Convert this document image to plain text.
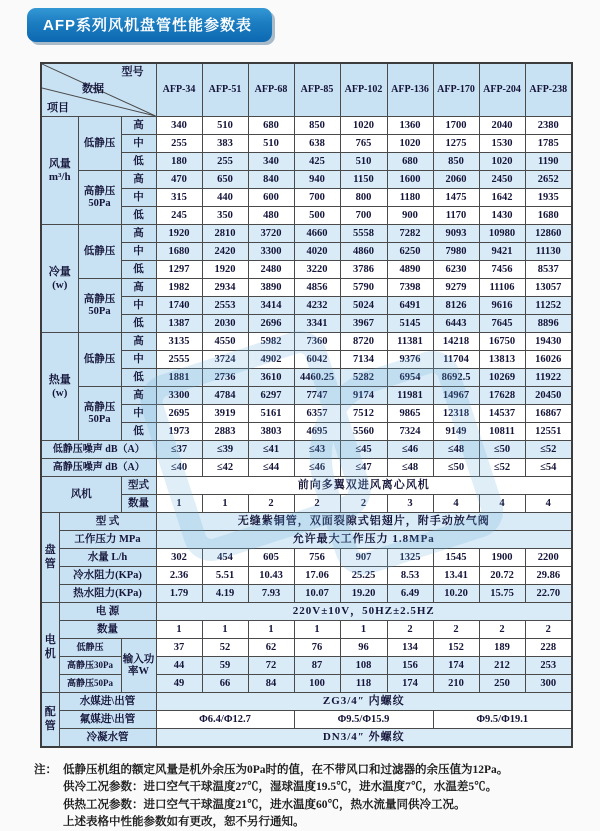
AFP系列风机盘管性能参数表
型号
数据
项目				AFP-34	AFP-51	AFP-68	AFP-85	AFP-102	AFP-136	AFP-170	AFP-204	AFP-238

风量
m³/h		低静压	高	340	510	680	850	1020	1360	1700	2040	2380
			中	255	383	510	638	765	1020	1275	1530	1785
			低	180	255	340	425	510	680	850	1020	1190

		高静压
50Pa	高	470	650	840	940	1150	1600	2060	2450	2652
			中	315	440	600	700	800	1180	1475	1642	1935
			低	245	350	480	500	700	900	1170	1430	1680

冷量
(w)		低静压	高	1920	2810	3720	4660	5558	7282	9093	10980	12860
			中	1680	2420	3300	4020	4860	6250	7980	9421	11130
			低	1297	1920	2480	3220	3786	4890	6230	7456	8537

		高静压
50Pa	高	1982	2934	3890	4856	5790	7398	9279	11106	13057
			中	1740	2553	3414	4232	5024	6491	8126	9616	11252
			低	1387	2030	2696	3341	3967	5145	6443	7645	8896

热量
(w)		低静压	高	3135	4550	5982	7360	8720	11381	14218	16750	19430
			中	2555	3724	4902	6042	7134	9376	11704	13813	16026
			低	1881	2736	3610	4460.25	5282	6954	8692.5	10269	11922

		高静压
50Pa	高	3300	4784	6297	7747	9174	11981	14967	17628	20450
			中	2695	3919	5161	6357	7512	9865	12318	14537	16867
			低	1973	2883	3803	4695	5560	7324	9149	10811	12551
低静压噪声 dB（A）				≤37	≤39	≤41	≤43	≤45	≤46	≤48	≤50	≤52
高静压噪声 dB（A）				≤40	≤42	≤44	≤46	≤47	≤48	≤50	≤52	≤54
风机			型式	前向多翼双进风离心风机								
			数量	1	1	2	2	2	3	4	4	4
盘管	型 式			无缝紫铜管，双面裂隙式铝翅片，附手动放气阀								
	工作压力 MPa			允许最大工作压力 1.8MPa								
	水量 L/h			302	454	605	756	907	1325	1545	1900	2200
	冷水阻力(KPa)			2.36	5.51	10.43	17.06	25.25	8.53	13.41	20.72	29.86
	热水阻力(KPa)			1.79	4.19	7.93	10.07	19.20	6.49	10.20	15.75	22.70
电机	电 源			220V±10V，50HZ±2.5HZ								
	数量			1	1	1	1	1	2	2	2	2
	低静压		输入功率W	37	52	62	76	96	134	152	189	228
	高静压30Pa			44	59	72	87	108	156	174	212	253
	高静压50Pa			49	66	84	100	118	174	210	250	300
配管	水媒进\出管			ZG3/4″ 内螺纹								
	氟媒进\出管			Φ6.4/Φ12.7			Φ9.5/Φ15.9			Φ9.5/Φ19.1		
	冷凝水管			DN3/4″ 外螺纹								
注： 低静压机组的额定风量是机外余压为0Pa时的值，在不带风口和过滤器的余压值为12Pa。
供冷工况参数：进口空气干球温度27℃，湿球温度19.5℃，进水温度7℃，水温差5℃。
供热工况参数：进口空气干球温度21℃，进水温度60℃，热水流量同供冷工况。
上述表格中性能参数如有更改，恕不另行通知。
